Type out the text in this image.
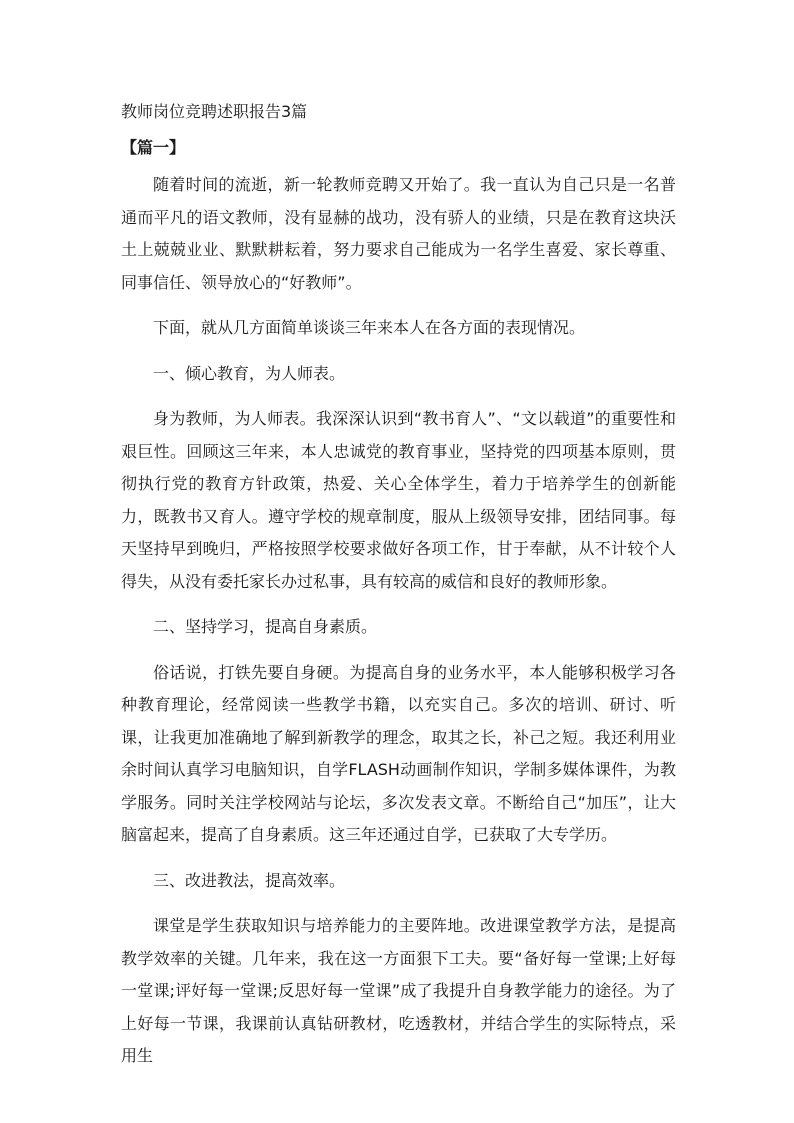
教师岗位竞聘述职报告3篇
【篇一】

随着时间的流逝，新一轮教师竞聘又开始了。我一直认为自己只是一名普通而平凡的语文教师，没有显赫的战功，没有骄人的业绩，只是在教育这块沃土上兢兢业业、默默耕耘着，努力要求自己能成为一名学生喜爱、家长尊重、同事信任、领导放心的“好教师”。

下面，就从几方面简单谈谈三年来本人在各方面的表现情况。

一、倾心教育，为人师表。

身为教师，为人师表。我深深认识到“教书育人”、“文以载道”的重要性和艰巨性。回顾这三年来，本人忠诚党的教育事业，坚持党的四项基本原则，贯彻执行党的教育方针政策，热爱、关心全体学生，着力于培养学生的创新能力，既教书又育人。遵守学校的规章制度，服从上级领导安排，团结同事。每天坚持早到晚归，严格按照学校要求做好各项工作，甘于奉献，从不计较个人得失，从没有委托家长办过私事，具有较高的威信和良好的教师形象。

二、坚持学习，提高自身素质。

俗话说，打铁先要自身硬。为提高自身的业务水平，本人能够积极学习各种教育理论，经常阅读一些教学书籍，以充实自己。多次的培训、研讨、听课，让我更加准确地了解到新教学的理念，取其之长，补己之短。我还利用业余时间认真学习电脑知识，自学FLASH动画制作知识，学制多媒体课件，为教学服务。同时关注学校网站与论坛，多次发表文章。不断给自己“加压”，让大脑富起来，提高了自身素质。这三年还通过自学，已获取了大专学历。

三、改进教法，提高效率。

课堂是学生获取知识与培养能力的主要阵地。改进课堂教学方法，是提高教学效率的关键。几年来，我在这一方面狠下工夫。要“备好每一堂课;上好每一堂课;评好每一堂课;反思好每一堂课”成了我提升自身教学能力的途径。为了上好每一节课，我课前认真钻研教材，吃透教材，并结合学生的实际特点，采用生
